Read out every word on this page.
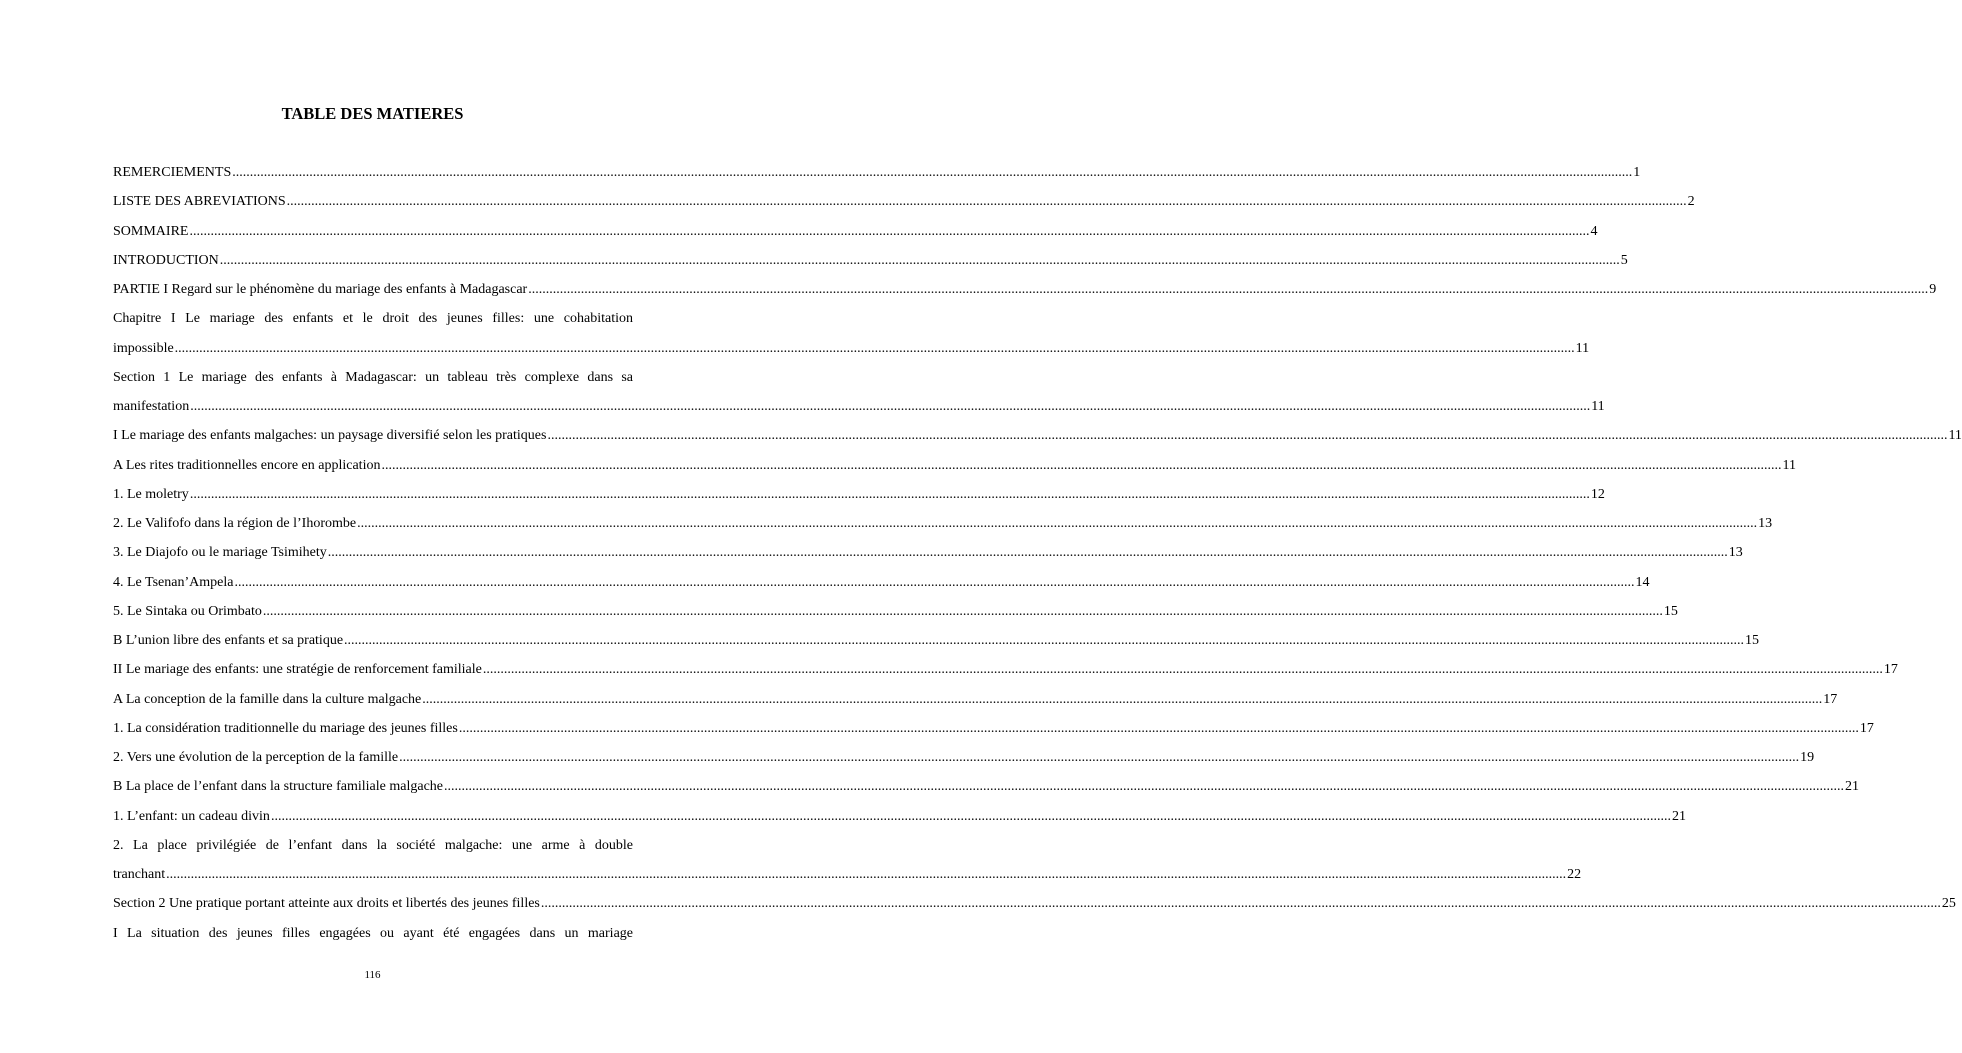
TABLE DES MATIERES
REMERCIEMENTS ................................................................................................................................................................................................................................................................................................................................................................................................................ 1
LISTE DES ABREVIATIONS ................................................................................................................................................................................................................................................................................................................................................................................................................ 2
SOMMAIRE ................................................................................................................................................................................................................................................................................................................................................................................................................ 4
INTRODUCTION ................................................................................................................................................................................................................................................................................................................................................................................................................ 5
PARTIE I Regard sur le phénomène du mariage des enfants à Madagascar ................................................................................................................................................................................................................................................................................................................................................................................................................ 9
Chapitre I Le mariage des enfants et le droit des jeunes filles: une cohabitation
impossible ................................................................................................................................................................................................................................................................................................................................................................................................................ 11
Section 1 Le mariage des enfants à Madagascar: un tableau très complexe dans sa
manifestation ................................................................................................................................................................................................................................................................................................................................................................................................................ 11
I Le mariage des enfants malgaches: un paysage diversifié selon les pratiques ................................................................................................................................................................................................................................................................................................................................................................................................................ 11
A Les rites traditionnelles encore en application ................................................................................................................................................................................................................................................................................................................................................................................................................ 11
1. Le moletry ................................................................................................................................................................................................................................................................................................................................................................................................................ 12
2. Le Valifofo dans la région de l’Ihorombe ................................................................................................................................................................................................................................................................................................................................................................................................................ 13
3. Le Diajofo ou le mariage Tsimihety ................................................................................................................................................................................................................................................................................................................................................................................................................ 13
4. Le Tsenan’Ampela ................................................................................................................................................................................................................................................................................................................................................................................................................ 14
5. Le Sintaka ou Orimbato ................................................................................................................................................................................................................................................................................................................................................................................................................ 15
B L’union libre des enfants et sa pratique ................................................................................................................................................................................................................................................................................................................................................................................................................ 15
II Le mariage des enfants: une stratégie de renforcement familiale ................................................................................................................................................................................................................................................................................................................................................................................................................ 17
A La conception de la famille dans la culture malgache ................................................................................................................................................................................................................................................................................................................................................................................................................ 17
1. La considération traditionnelle du mariage des jeunes filles ................................................................................................................................................................................................................................................................................................................................................................................................................ 17
2. Vers une évolution de la perception de la famille ................................................................................................................................................................................................................................................................................................................................................................................................................ 19
B La place de l’enfant dans la structure familiale malgache ................................................................................................................................................................................................................................................................................................................................................................................................................ 21
1. L’enfant: un cadeau divin ................................................................................................................................................................................................................................................................................................................................................................................................................ 21
2. La place privilégiée de l’enfant dans la société malgache: une arme à double
tranchant ................................................................................................................................................................................................................................................................................................................................................................................................................ 22
Section 2 Une pratique portant atteinte aux droits et libertés des jeunes filles ................................................................................................................................................................................................................................................................................................................................................................................................................ 25
I La situation des jeunes filles engagées ou ayant été engagées dans un mariage
116
